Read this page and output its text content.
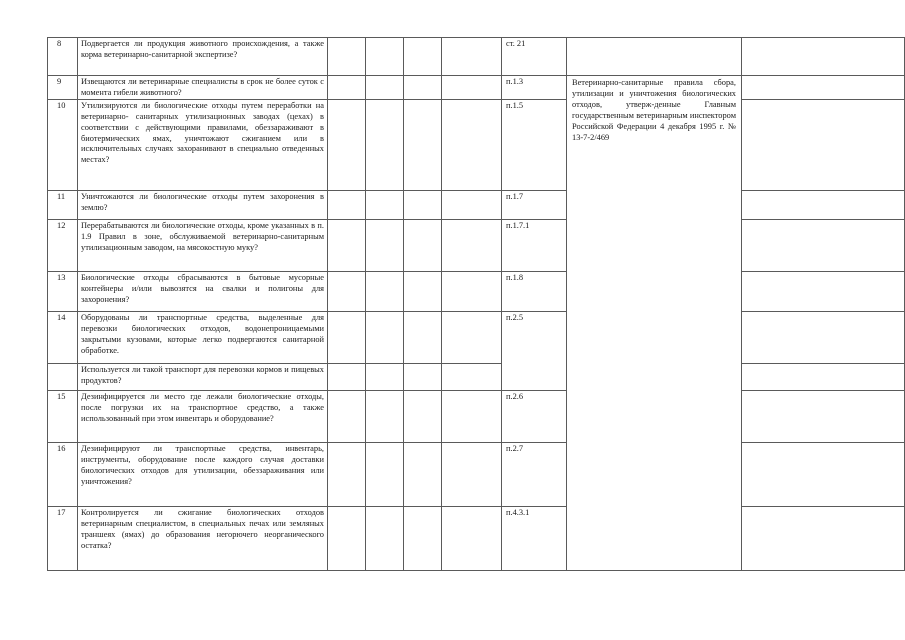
8	Подвергается ли продукция животного происхождения, а также корма ветеринарно-санитарной экспертизе?					ст. 21		
9	Извещаются ли ветеринарные специалисты в срок не более суток с момента гибели животного?					п.1.3	Ветеринарно-санитарные правила сбора, утилизации и уничтожения биологических отходов, утверж-денные Главным государственным ветеринарным инспектором Российской Федерации 4 декабря 1995 г. № 13-7-2/469	
10	Утилизируются ли биологические отходы путем переработки на ветеринарно- санитарных утилизационных заводах (цехах) в соответствии с действующими правилами, обеззараживают в биотермических ямах, уничтожают сжиганием или в исключительных случаях захоранивают в специально отведенных местах?					п.1.5		
11	Уничтожаются ли биологические отходы путем захоронения в землю?					п.1.7		
12	Перерабатываются ли биологические отходы, кроме указанных в п. 1.9 Правил в зоне, обслуживаемой ветеринарно-санитарным утилизационным заводом, на мясокостную муку?					п.1.7.1		
13	Биологические отходы сбрасываются в бытовые мусорные контейнеры и/или вывозятся на свалки и полигоны для захоронения?					п.1.8		
14	Оборудованы ли транспортные средства, выделенные для перевозки биологических отходов, водонепроницаемыми закрытыми кузовами, которые легко подвергаются санитарной обработке.					п.2.5		
	Используется ли такой транспорт для перевозки кормов и пищевых продуктов?							
15	Дезинфицируется ли место где лежали биологические отходы, после погрузки их на транспортное средство, а также использованный при этом инвентарь и оборудование?					п.2.6		
16	Дезинфицируют ли транспортные средства, инвентарь, инструменты, оборудование после каждого случая доставки биологических отходов для утилизации, обеззараживания или уничтожения?					п.2.7		
17	Контролируется ли сжигание биологических отходов ветеринарным специалистом, в специальных печах или земляных траншеях (ямах) до образования негорючего неорганического остатка?					п.4.3.1		
